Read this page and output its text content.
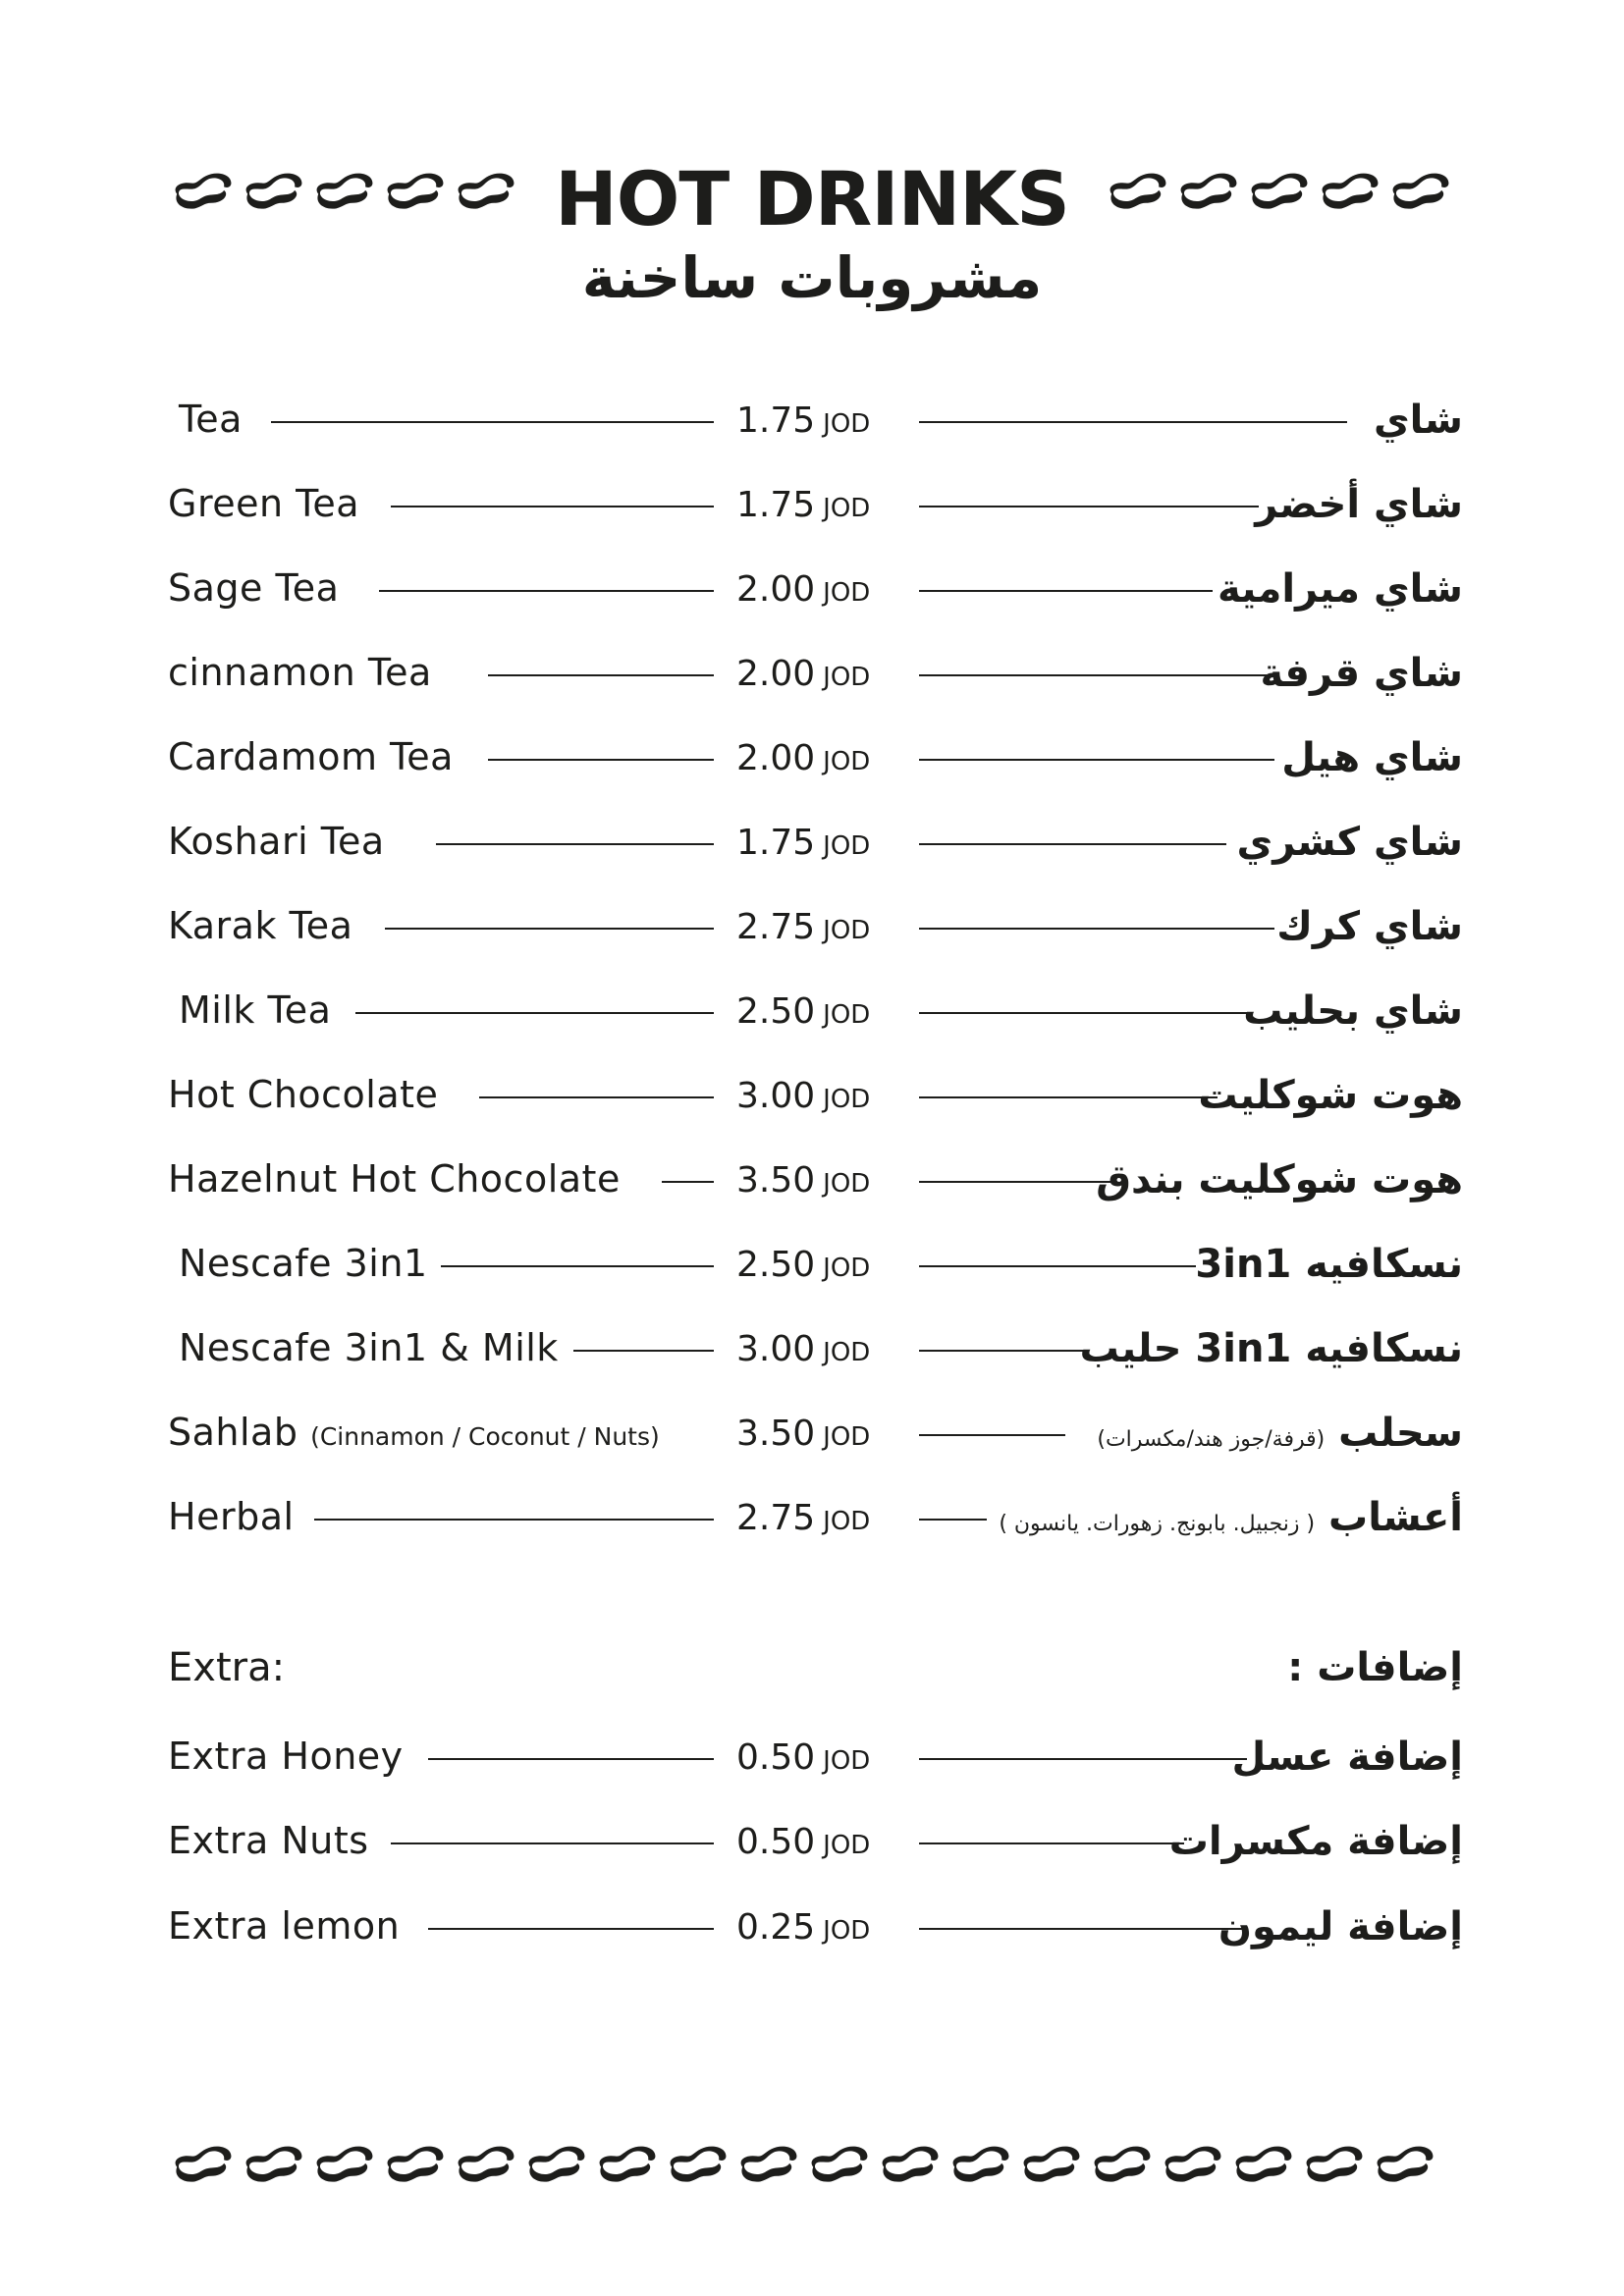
HOT DRINKS
مشروبات ساخنة
Tea	1.75 JOD	شاي
Green Tea	1.75 JOD	شاي أخضر
Sage Tea	2.00 JOD	شاي ميرامية
cinnamon Tea	2.00 JOD	شاي قرفة
Cardamom Tea	2.00 JOD	شاي هيل
Koshari Tea	1.75 JOD	شاي كشري
Karak Tea	2.75 JOD	شاي كرك
Milk Tea	2.50 JOD	شاي بحليب
Hot Chocolate	3.00 JOD	هوت شوكليت
Hazelnut Hot Chocolate	3.50 JOD	هوت شوكليت بندق
Nescafe 3in1	2.50 JOD	نسكافيه 3in1
Nescafe 3in1 & Milk	3.00 JOD	نسكافيه 3in1 حليب
Sahlab (Cinnamon / Coconut / Nuts) 3.50 JOD	سحلب (قرفة/جوز هند/مكسرات)
Herbal	2.75 JOD	أعشاب ( زنجبيل. بابونج. زهورات. يانسون )
Extra:	إضافات :
Extra Honey	0.50 JOD	إضافة عسل
Extra Nuts	0.50 JOD	إضافة مكسرات
Extra lemon	0.25 JOD	إضافة ليمون
